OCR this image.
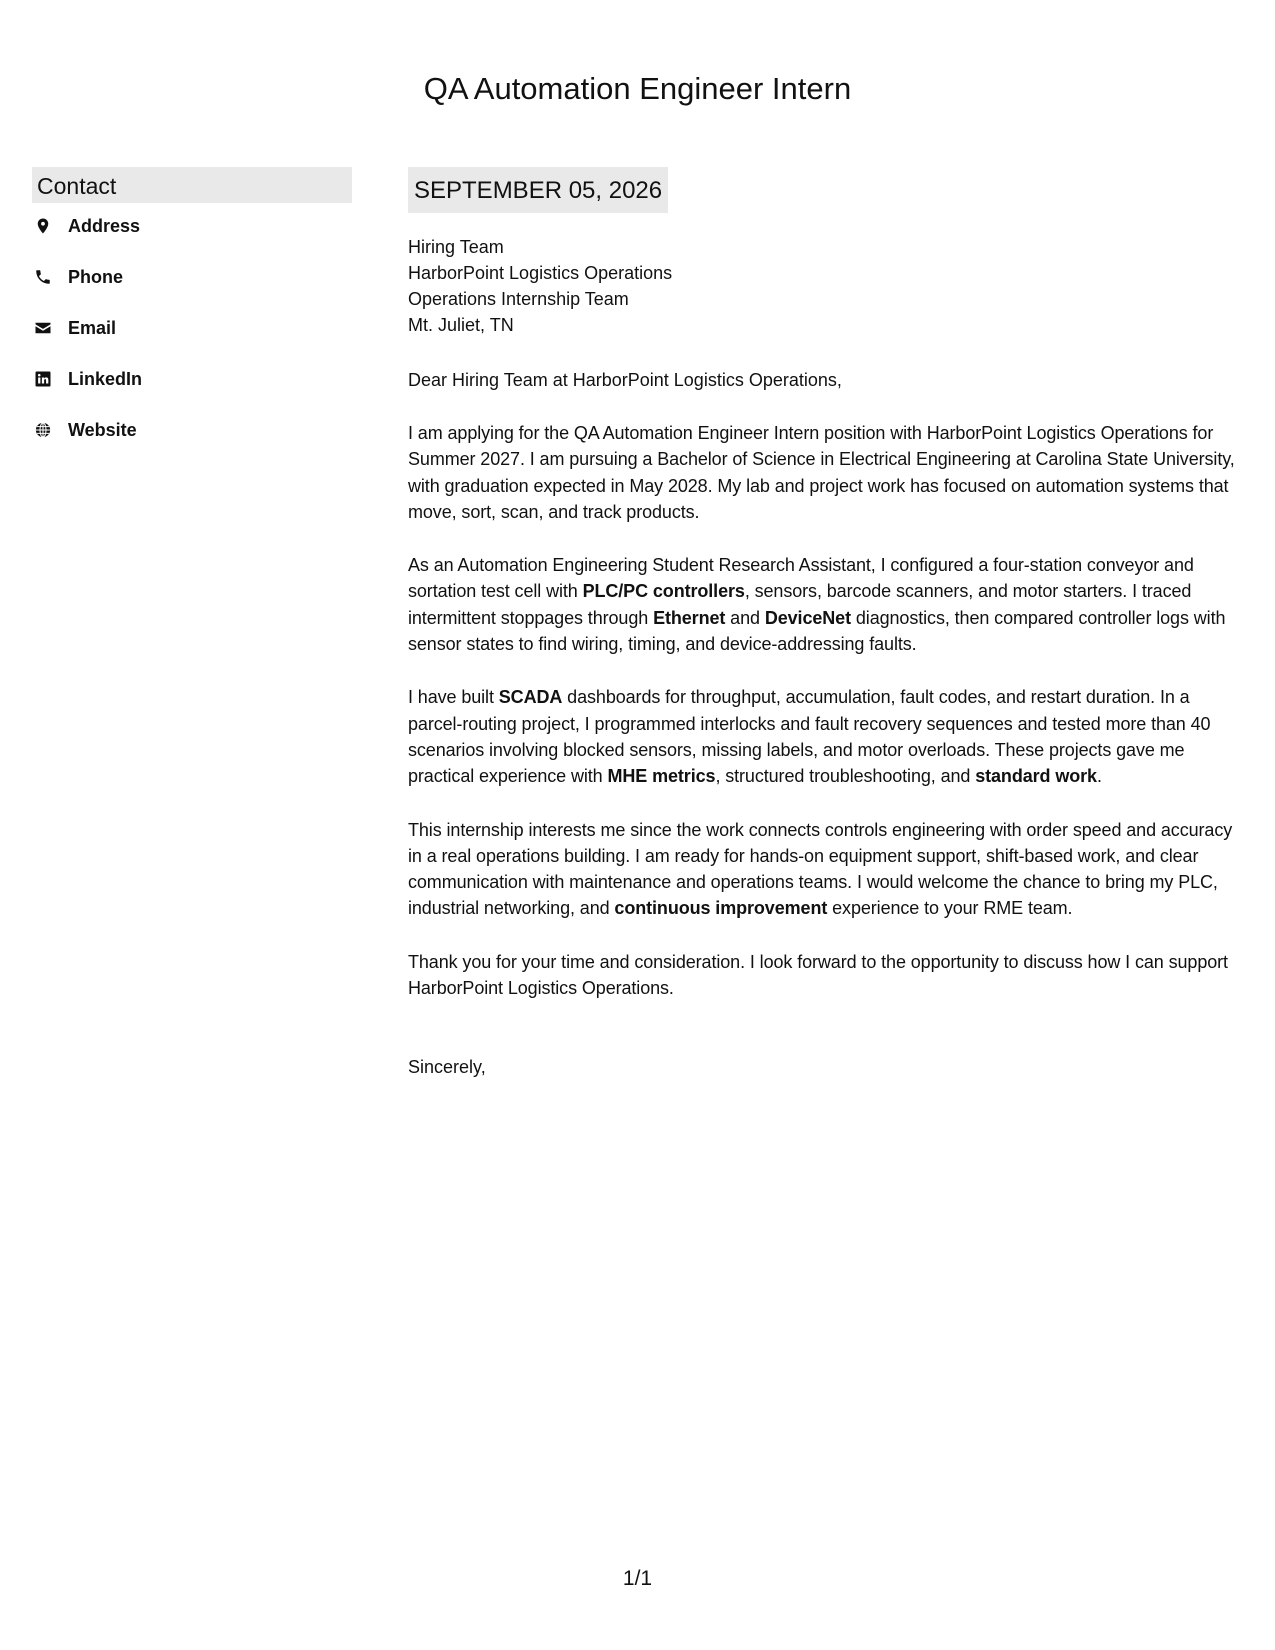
QA Automation Engineer Intern
Contact
Address
Phone
Email
LinkedIn
Website
SEPTEMBER 05, 2026
Hiring Team
HarborPoint Logistics Operations
Operations Internship Team
Mt. Juliet, TN
Dear Hiring Team at HarborPoint Logistics Operations,

I am applying for the QA Automation Engineer Intern position with HarborPoint Logistics Operations for Summer 2027. I am pursuing a Bachelor of Science in Electrical Engineering at Carolina State University, with graduation expected in May 2028. My lab and project work has focused on automation systems that move, sort, scan, and track products.

As an Automation Engineering Student Research Assistant, I configured a four-station conveyor and sortation test cell with PLC/PC controllers, sensors, barcode scanners, and motor starters. I traced intermittent stoppages through Ethernet and DeviceNet diagnostics, then compared controller logs with sensor states to find wiring, timing, and device-addressing faults.

I have built SCADA dashboards for throughput, accumulation, fault codes, and restart duration. In a parcel-routing project, I programmed interlocks and fault recovery sequences and tested more than 40 scenarios involving blocked sensors, missing labels, and motor overloads. These projects gave me practical experience with MHE metrics, structured troubleshooting, and standard work.

This internship interests me since the work connects controls engineering with order speed and accuracy in a real operations building. I am ready for hands-on equipment support, shift-based work, and clear communication with maintenance and operations teams. I would welcome the chance to bring my PLC, industrial networking, and continuous improvement experience to your RME team.

Thank you for your time and consideration. I look forward to the opportunity to discuss how I can support HarborPoint Logistics Operations.

Sincerely,
1/1
